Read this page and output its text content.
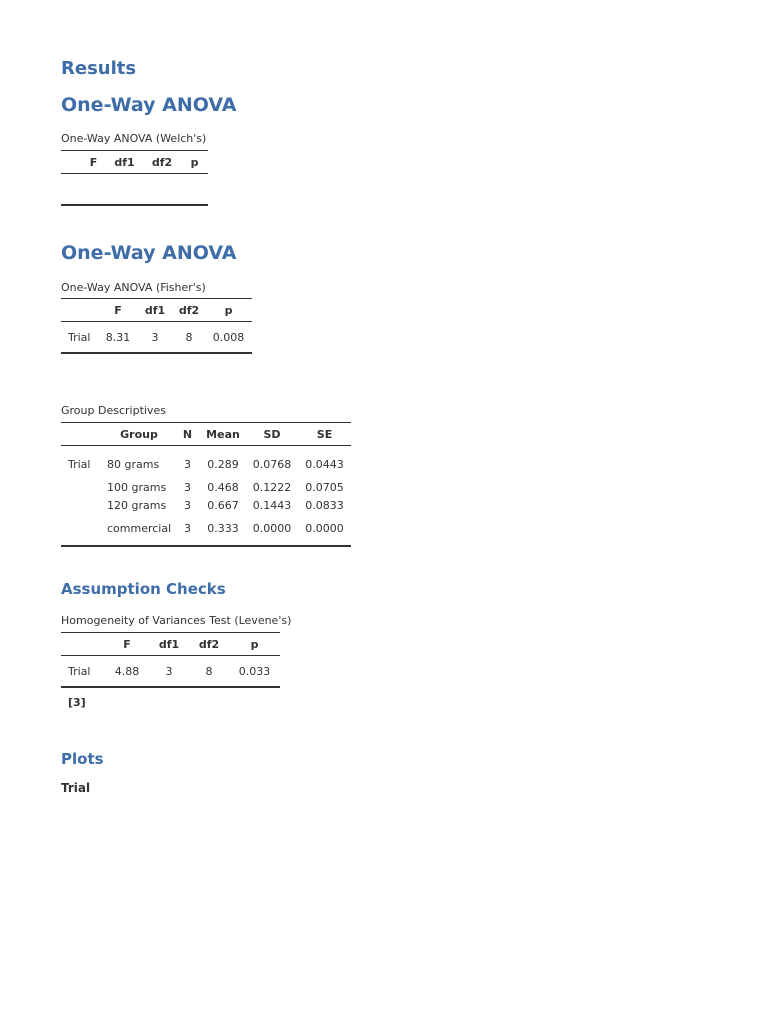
Results
One-Way ANOVA
One-Way ANOVA (Welch's)
	F	df1	df2	p

One-Way ANOVA
One-Way ANOVA (Fisher's)
	F	df1	df2	p
Trial	8.31	3	8	0.008
Group Descriptives
	Group	N	Mean	SD	SE
Trial	80 grams	3	0.289	0.0768	0.0443
	100 grams	3	0.468	0.1222	0.0705
	120 grams	3	0.667	0.1443	0.0833
	commercial	3	0.333	0.0000	0.0000
Assumption Checks
Homogeneity of Variances Test (Levene's)
	F	df1	df2	p
Trial	4.88	3	8	0.033
[3]
Plots
Trial
